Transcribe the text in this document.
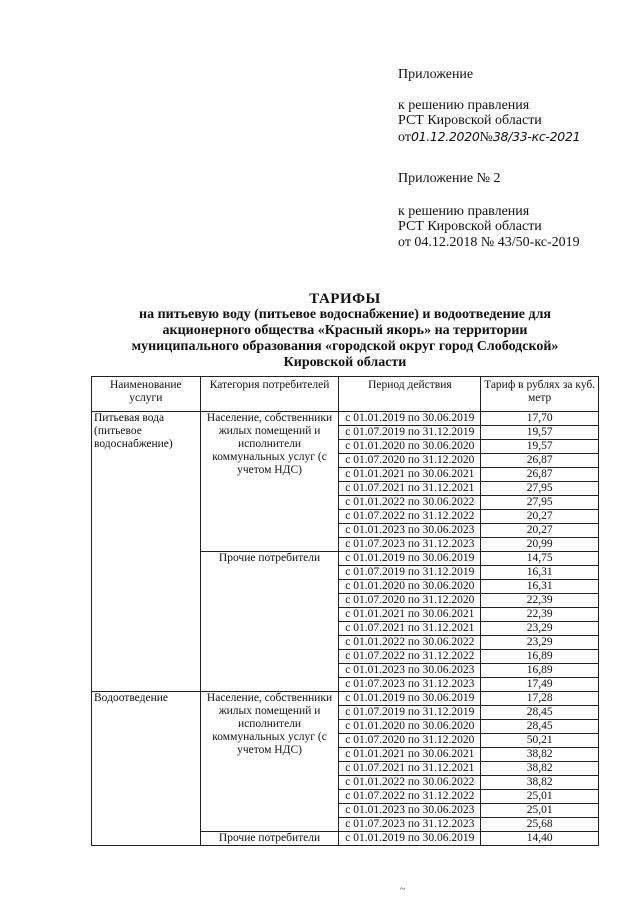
Приложение
к решению правления
РСТ Кировской области
от01.12.2020№38/33-кс-2021
Приложение № 2
к решению правления
РСТ Кировской области
от 04.12.2018 № 43/50-кс-2019
ТАРИФЫ
на питьевую воду (питьевое водоснабжение) и водоотведение для
акционерного общества «Красный якорь» на территории
муниципального образования «городской округ город Слободской»
Кировской области
Наименование услуги	Категория потребителей	Период действия	Тариф в рублях за куб. метр
Питьевая вода (питьевое водоснабжение)	Население, собственники жилых помещений и исполнители коммунальных услуг (с учетом НДС)	с 01.01.2019 по 30.06.2019	17,70
		с 01.07.2019 по 31.12.2019	19,57
		с 01.01.2020 по 30.06.2020	19,57
		с 01.07.2020 по 31.12.2020	26,87
		с 01.01.2021 по 30.06.2021	26,87
		с 01.07.2021 по 31.12.2021	27,95
		с 01.01.2022 по 30.06.2022	27,95
		с 01.07.2022 по 31.12.2022	20,27
		с 01.01.2023 по 30.06.2023	20,27
		с 01.07.2023 по 31.12.2023	20,99
	Прочие потребители	с 01.01.2019 по 30.06.2019	14,75
		с 01.07.2019 по 31.12.2019	16,31
		с 01.01.2020 по 30.06.2020	16,31
		с 01.07.2020 по 31.12.2020	22,39
		с 01.01.2021 по 30.06.2021	22,39
		с 01.07.2021 по 31.12.2021	23,29
		с 01.01.2022 по 30.06.2022	23,29
		с 01.07.2022 по 31.12.2022	16,89
		с 01.01.2023 по 30.06.2023	16,89
		с 01.07.2023 по 31.12.2023	17,49
Водоотведение	Население, собственники жилых помещений и исполнители коммунальных услуг (с учетом НДС)	с 01.01.2019 по 30.06.2019	17,28
		с 01.07.2019 по 31.12.2019	28,45
		с 01.01.2020 по 30.06.2020	28,45
		с 01.07.2020 по 31.12.2020	50,21
		с 01.01.2021 по 30.06.2021	38,82
		с 01.07.2021 по 31.12.2021	38,82
		с 01.01.2022 по 30.06.2022	38,82
		с 01.07.2022 по 31.12.2022	25,01
		с 01.01.2023 по 30.06.2023	25,01
		с 01.07.2023 по 31.12.2023	25,68
	Прочие потребители	с 01.01.2019 по 30.06.2019	14,40
~
